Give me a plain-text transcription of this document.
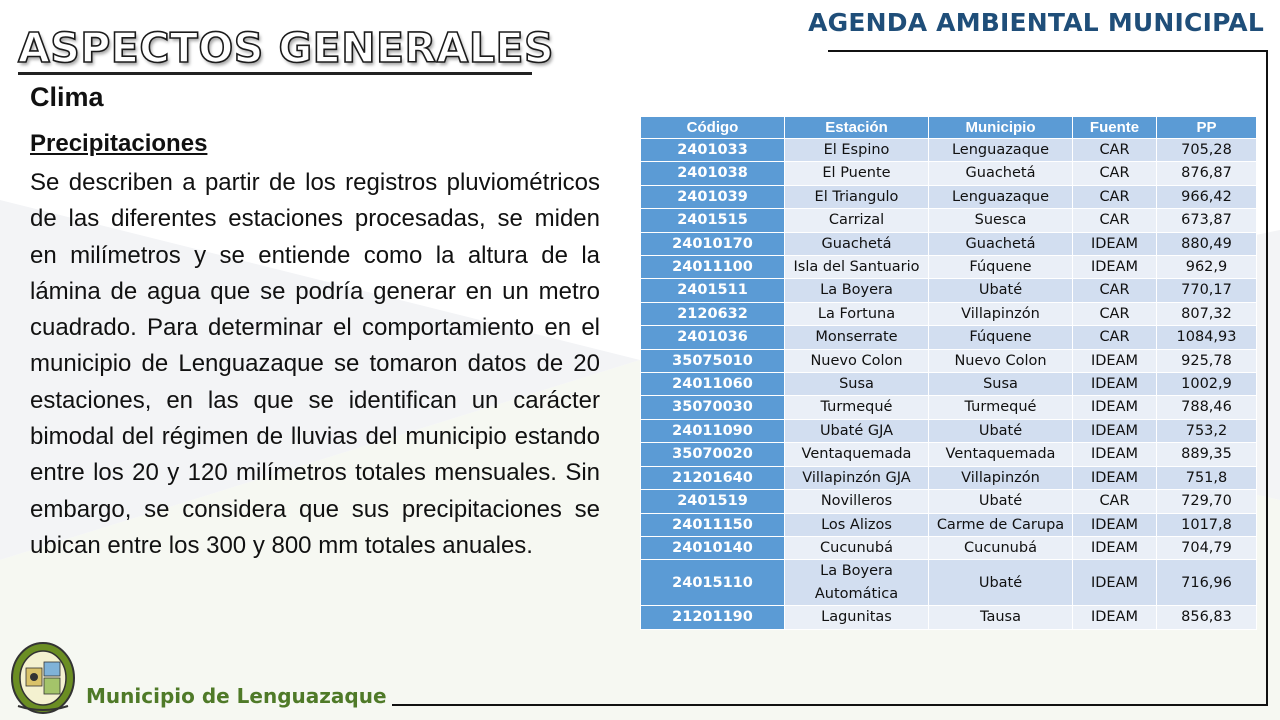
AGENDA AMBIENTAL MUNICIPAL
ASPECTOS GENERALES
Clima
Precipitaciones

Se describen a partir de los registros pluviométricos de las diferentes estaciones procesadas, se miden en milímetros y se entiende como la altura de la lámina de agua que se podría generar en un metro cuadrado. Para determinar el comportamiento en el municipio de Lenguazaque se tomaron datos de 20 estaciones, en las que se identifican un carácter bimodal del régimen de lluvias del municipio estando entre los 20 y 120 milímetros totales mensuales. Sin embargo, se considera que sus precipitaciones se ubican entre los 300 y 800 mm totales anuales.

Código	Estación	Municipio	Fuente	PP
2401033	El Espino	Lenguazaque	CAR	705,28
2401038	El Puente	Guachetá	CAR	876,87
2401039	El Triangulo	Lenguazaque	CAR	966,42
2401515	Carrizal	Suesca	CAR	673,87
24010170	Guachetá	Guachetá	IDEAM	880,49
24011100	Isla del Santuario	Fúquene	IDEAM	962,9
2401511	La Boyera	Ubaté	CAR	770,17
2120632	La Fortuna	Villapinzón	CAR	807,32
2401036	Monserrate	Fúquene	CAR	1084,93
35075010	Nuevo Colon	Nuevo Colon	IDEAM	925,78
24011060	Susa	Susa	IDEAM	1002,9
35070030	Turmequé	Turmequé	IDEAM	788,46
24011090	Ubaté GJA	Ubaté	IDEAM	753,2
35070020	Ventaquemada	Ventaquemada	IDEAM	889,35
21201640	Villapinzón GJA	Villapinzón	IDEAM	751,8
2401519	Novilleros	Ubaté	CAR	729,70
24011150	Los Alizos	Carme de Carupa	IDEAM	1017,8
24010140	Cucunubá	Cucunubá	IDEAM	704,79
24015110	La Boyera Automática	Ubaté	IDEAM	716,96
21201190	Lagunitas	Tausa	IDEAM	856,83
Municipio de Lenguazaque
